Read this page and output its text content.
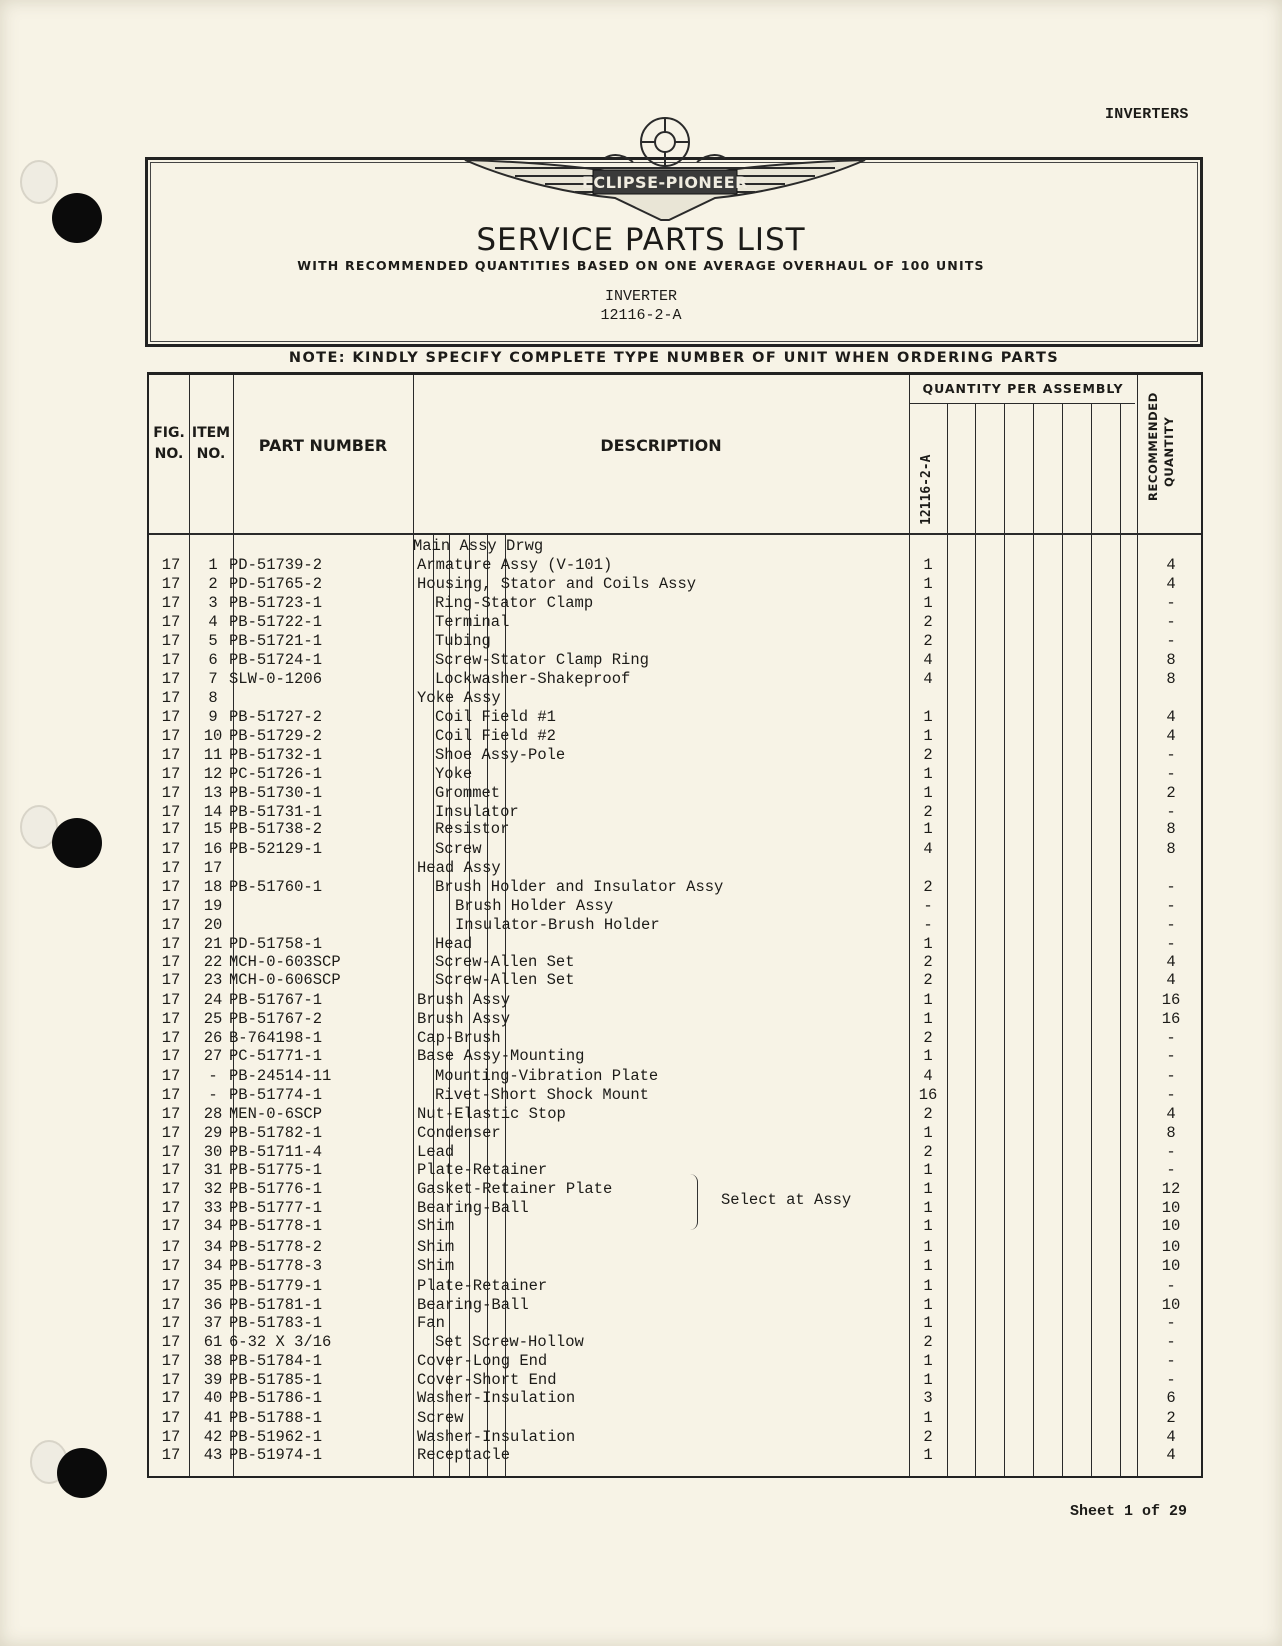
INVERTERS
ECLIPSE-PIONEER
SERVICE PARTS LIST
WITH RECOMMENDED QUANTITIES BASED ON ONE AVERAGE OVERHAUL OF 100 UNITS
INVERTER
12116-2-A
NOTE: KINDLY SPECIFY COMPLETE TYPE NUMBER OF UNIT WHEN ORDERING PARTS
FIG.
NO.
ITEM
NO.	PART NUMBER	DESCRIPTION
QUANTITY PER ASSEMBLY
12116-2-A	RECOMMENDED QUANTITY
Main Assy Drwg
17	1 PD-51739-2	Armature Assy (V-101)	1	4
17	2 PD-51765-2	Housing, Stator and Coils Assy	1	4
17	3 PB-51723-1	Ring-Stator Clamp	1	-
17	4 PB-51722-1	Terminal	2	-
17	5 PB-51721-1	Tubing	2	-
17	6 PB-51724-1	Screw-Stator Clamp Ring	4	8
17	7 SLW-0-1206	Lockwasher-Shakeproof	4	8
17	8	Yoke Assy
17	9 PB-51727-2	Coil Field #1	1	4
17	10 PB-51729-2	Coil Field #2	1	4
17	11 PB-51732-1	Shoe Assy-Pole	2	-
17	12 PC-51726-1	Yoke	1	-
17	13 PB-51730-1	Grommet	1	2
17	14 PB-51731-1	Insulator	2	-
17	15 PB-51738-2	Resistor	1	8
17	16 PB-52129-1	Screw	4	8
17	17	Head Assy
17	18 PB-51760-1	Brush Holder and Insulator Assy	2	-
17	19	Brush Holder Assy	-	-
17	20	Insulator-Brush Holder	-	-
17	21 PD-51758-1	Head	1	-
17	22 MCH-0-603SCP	Screw-Allen Set	2	4
17	23 MCH-0-606SCP	Screw-Allen Set	2	4
17	24 PB-51767-1	Brush Assy	1	16
17	25 PB-51767-2	Brush Assy	1	16
17	26 B-764198-1	Cap-Brush	2	-
17	27 PC-51771-1	Base Assy-Mounting	1	-
17	- PB-24514-11	Mounting-Vibration Plate	4	-
17	- PB-51774-1	Rivet-Short Shock Mount	16	-
17	28 MEN-0-6SCP	Nut-Elastic Stop	2	4
17	29 PB-51782-1	Condenser	1	8
17	30 PB-51711-4	Lead	2	-
17	31 PB-51775-1	Plate-Retainer	1	-
17	32 PB-51776-1	Gasket-Retainer Plate	1	12
17	33 PB-51777-1	Bearing-Ball	1	10
17	34 PB-51778-1	Shim	1	10
17	34 PB-51778-2	Shim	1	10
17	34 PB-51778-3	Shim	1	10
17	35 PB-51779-1	Plate-Retainer	1	-
17	36 PB-51781-1	Bearing-Ball	1	10
17	37 PB-51783-1	Fan	1	-
17	61 6-32 X 3/16	Set Screw-Hollow	2	-
17	38 PB-51784-1	Cover-Long End	1	-
17	39 PB-51785-1	Cover-Short End	1	-
17	40 PB-51786-1	Washer-Insulation	3	6
17	41 PB-51788-1	Screw	1	2
17	42 PB-51962-1	Washer-Insulation	2	4
17	43 PB-51974-1	Receptacle	1	4
Select at Assy
Sheet 1 of 29
